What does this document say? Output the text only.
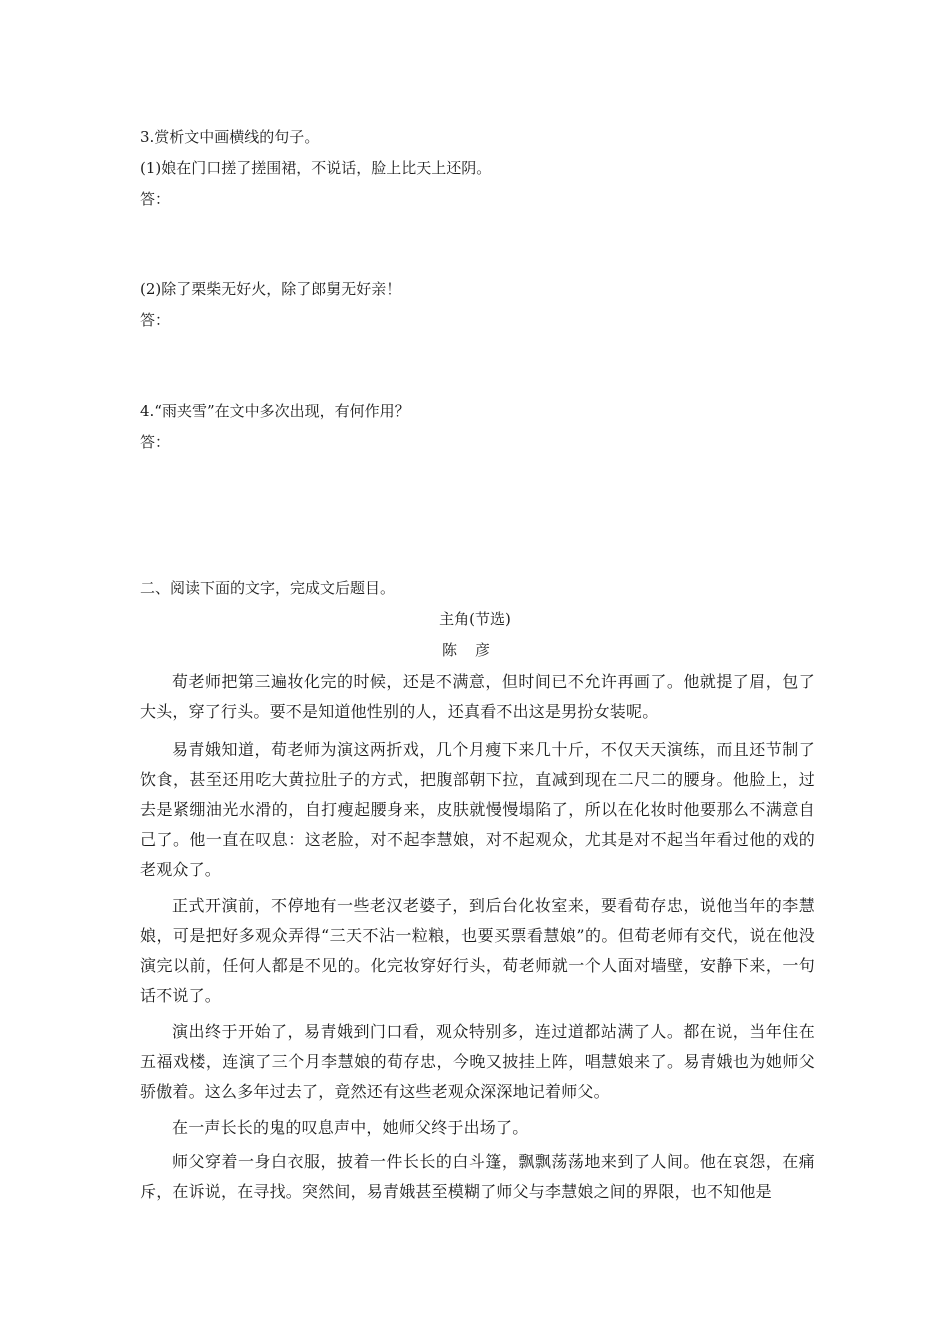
3.赏析文中画横线的句子。
(1)娘在门口搓了搓围裙，不说话，脸上比天上还阴。
答：
(2)除了栗柴无好火，除了郎舅无好亲！
答：
4.“雨夹雪”在文中多次出现，有何作用？
答：
二、阅读下面的文字，完成文后题目。
主角(节选)
陈彦
荀老师把第三遍妆化完的时候，还是不满意，但时间已不允许再画了。他就提了眉，包了大头，穿了行头。要不是知道他性别的人，还真看不出这是男扮女装呢。
易青娥知道，荀老师为演这两折戏，几个月瘦下来几十斤，不仅天天演练，而且还节制了饮食，甚至还用吃大黄拉肚子的方式，把腹部朝下拉，直减到现在二尺二的腰身。他脸上，过去是紧绷油光水滑的，自打瘦起腰身来，皮肤就慢慢塌陷了，所以在化妆时他要那么不满意自己了。他一直在叹息：这老脸，对不起李慧娘，对不起观众，尤其是对不起当年看过他的戏的老观众了。
正式开演前，不停地有一些老汉老婆子，到后台化妆室来，要看荀存忠，说他当年的李慧娘，可是把好多观众弄得“三天不沾一粒粮，也要买票看慧娘”的。但荀老师有交代，说在他没演完以前，任何人都是不见的。化完妆穿好行头，荀老师就一个人面对墙壁，安静下来，一句话不说了。
演出终于开始了，易青娥到门口看，观众特别多，连过道都站满了人。都在说，当年住在五福戏楼，连演了三个月李慧娘的荀存忠，今晚又披挂上阵，唱慧娘来了。易青娥也为她师父骄傲着。这么多年过去了，竟然还有这些老观众深深地记着师父。
在一声长长的鬼的叹息声中，她师父终于出场了。
师父穿着一身白衣服，披着一件长长的白斗篷，飘飘荡荡地来到了人间。他在哀怨，在痛斥，在诉说，在寻找。突然间，易青娥甚至模糊了师父与李慧娘之间的界限，也不知他是
